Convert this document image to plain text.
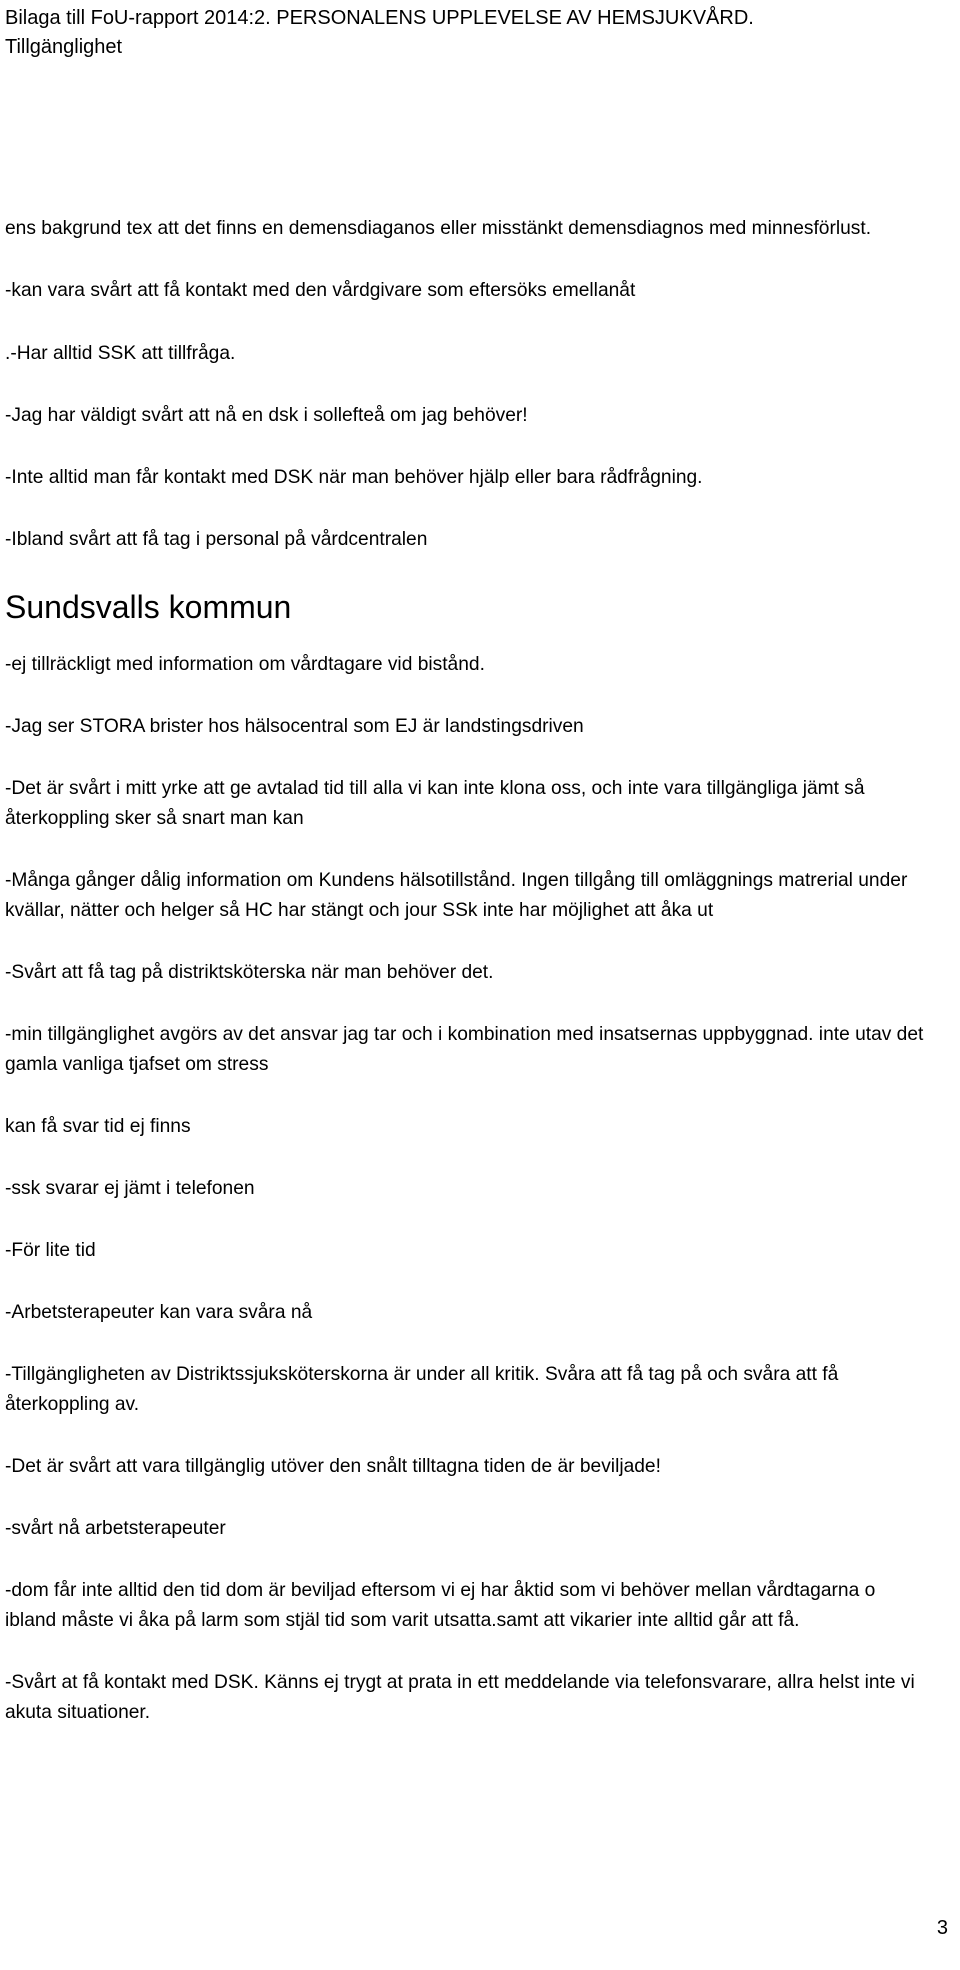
Bilaga till FoU-rapport 2014:2. PERSONALENS UPPLEVELSE AV HEMSJUKVÅRD.

Tillgänglighet

ens bakgrund tex att det finns en demensdiaganos eller misstänkt demensdiagnos med minnesförlust.

-kan vara svårt att få kontakt med den vårdgivare som eftersöks emellanåt

.-Har alltid SSK att tillfråga.

-Jag har väldigt svårt att nå en dsk i sollefteå om jag behöver!

-Inte alltid man får kontakt med DSK när man behöver hjälp eller bara rådfrågning.

-Ibland svårt att få tag i personal på vårdcentralen

Sundsvalls kommun

-ej tillräckligt med information om vårdtagare vid bistånd.

-Jag ser STORA brister hos hälsocentral som EJ är landstingsdriven

-Det är svårt i mitt yrke att ge avtalad tid till alla vi kan inte klona oss, och inte vara tillgängliga jämt så återkoppling sker så snart man kan

-Många gånger dålig information om Kundens hälsotillstånd. Ingen tillgång till omläggnings matrerial under kvällar, nätter och helger så HC har stängt och jour SSk inte har möjlighet att åka ut

-Svårt att få tag på distriktsköterska när man behöver det.

-min tillgänglighet avgörs av det ansvar jag tar och i kombination med insatsernas uppbyggnad. inte utav det gamla vanliga tjafset om stress

kan få svar tid ej finns

-ssk svarar ej jämt i telefonen

-För lite tid

-Arbetsterapeuter kan vara svåra nå

-Tillgängligheten av Distriktssjuksköterskorna är under all kritik. Svåra att få tag på och svåra att få återkoppling av.

-Det är svårt att vara tillgänglig utöver den snålt tilltagna tiden de är beviljade!

-svårt nå arbetsterapeuter

-dom får inte alltid den tid dom är beviljad eftersom vi ej har åktid som vi behöver mellan vårdtagarna o ibland måste vi åka på larm som stjäl tid som varit utsatta.samt att vikarier inte alltid går att få.

-Svårt at få kontakt med DSK. Känns ej trygt at prata in ett meddelande via telefonsvarare, allra helst inte vi akuta situationer.

3
